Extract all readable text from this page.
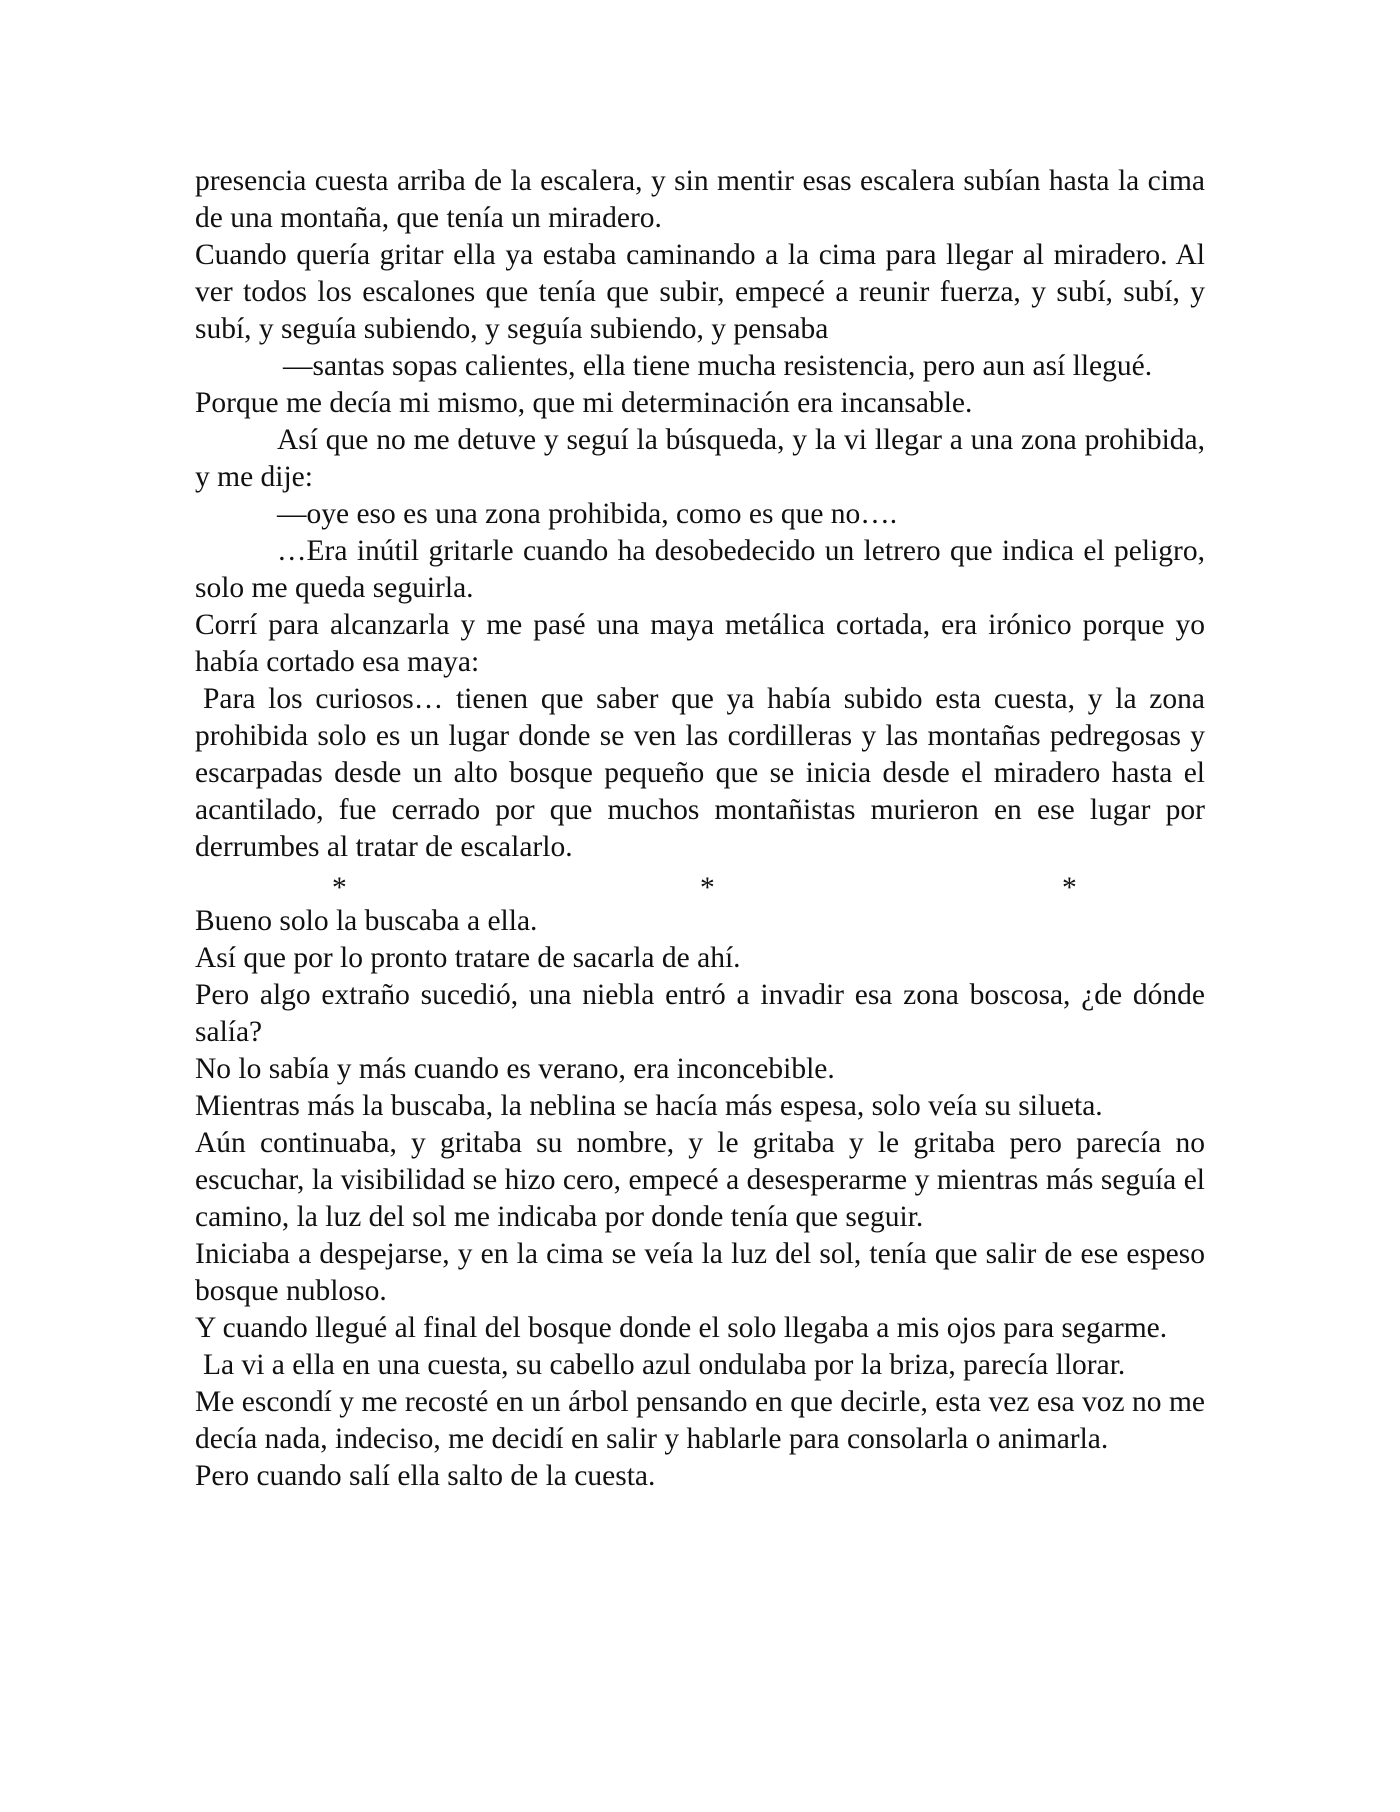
presencia cuesta arriba de la escalera, y sin mentir esas escalera subían hasta la cima de una montaña, que tenía un miradero.

Cuando quería gritar ella ya estaba caminando a la cima para llegar al miradero. Al ver todos los escalones que tenía que subir, empecé a reunir fuerza, y subí, subí, y subí, y seguía subiendo, y seguía subiendo, y pensaba

—santas sopas calientes, ella tiene mucha resistencia, pero aun así llegué.

Porque me decía mi mismo, que mi determinación era incansable.

Así que no me detuve y seguí la búsqueda, y la vi llegar a una zona prohibida, y me dije:

—oye eso es una zona prohibida, como es que no….

…Era inútil gritarle cuando ha desobedecido un letrero que indica el peligro, solo me queda seguirla.

Corrí para alcanzarla y me pasé una maya metálica cortada, era irónico porque yo había cortado esa maya:

Para los curiosos… tienen que saber que ya había subido esta cuesta, y la zona prohibida solo es un lugar donde se ven las cordilleras y las montañas pedregosas y escarpadas desde un alto bosque pequeño que se inicia desde el miradero hasta el acantilado, fue cerrado por que muchos montañistas murieron en ese lugar por derrumbes al tratar de escalarlo.

*	*	*

Bueno solo la buscaba a ella.

Así que por lo pronto tratare de sacarla de ahí.

Pero algo extraño sucedió, una niebla entró a invadir esa zona boscosa, ¿de dónde salía?

No lo sabía y más cuando es verano, era inconcebible.

Mientras más la buscaba, la neblina se hacía más espesa, solo veía su silueta.

Aún continuaba, y gritaba su nombre, y le gritaba y le gritaba pero parecía no escuchar, la visibilidad se hizo cero, empecé a desesperarme y mientras más seguía el camino, la luz del sol me indicaba por donde tenía que seguir.

Iniciaba a despejarse, y en la cima se veía la luz del sol, tenía que salir de ese espeso bosque nubloso.

Y cuando llegué al final del bosque donde el solo llegaba a mis ojos para segarme.

La vi a ella en una cuesta, su cabello azul ondulaba por la briza, parecía llorar.

Me escondí y me recosté en un árbol pensando en que decirle, esta vez esa voz no me decía nada, indeciso, me decidí en salir y hablarle para consolarla o animarla.

Pero cuando salí ella salto de la cuesta.
